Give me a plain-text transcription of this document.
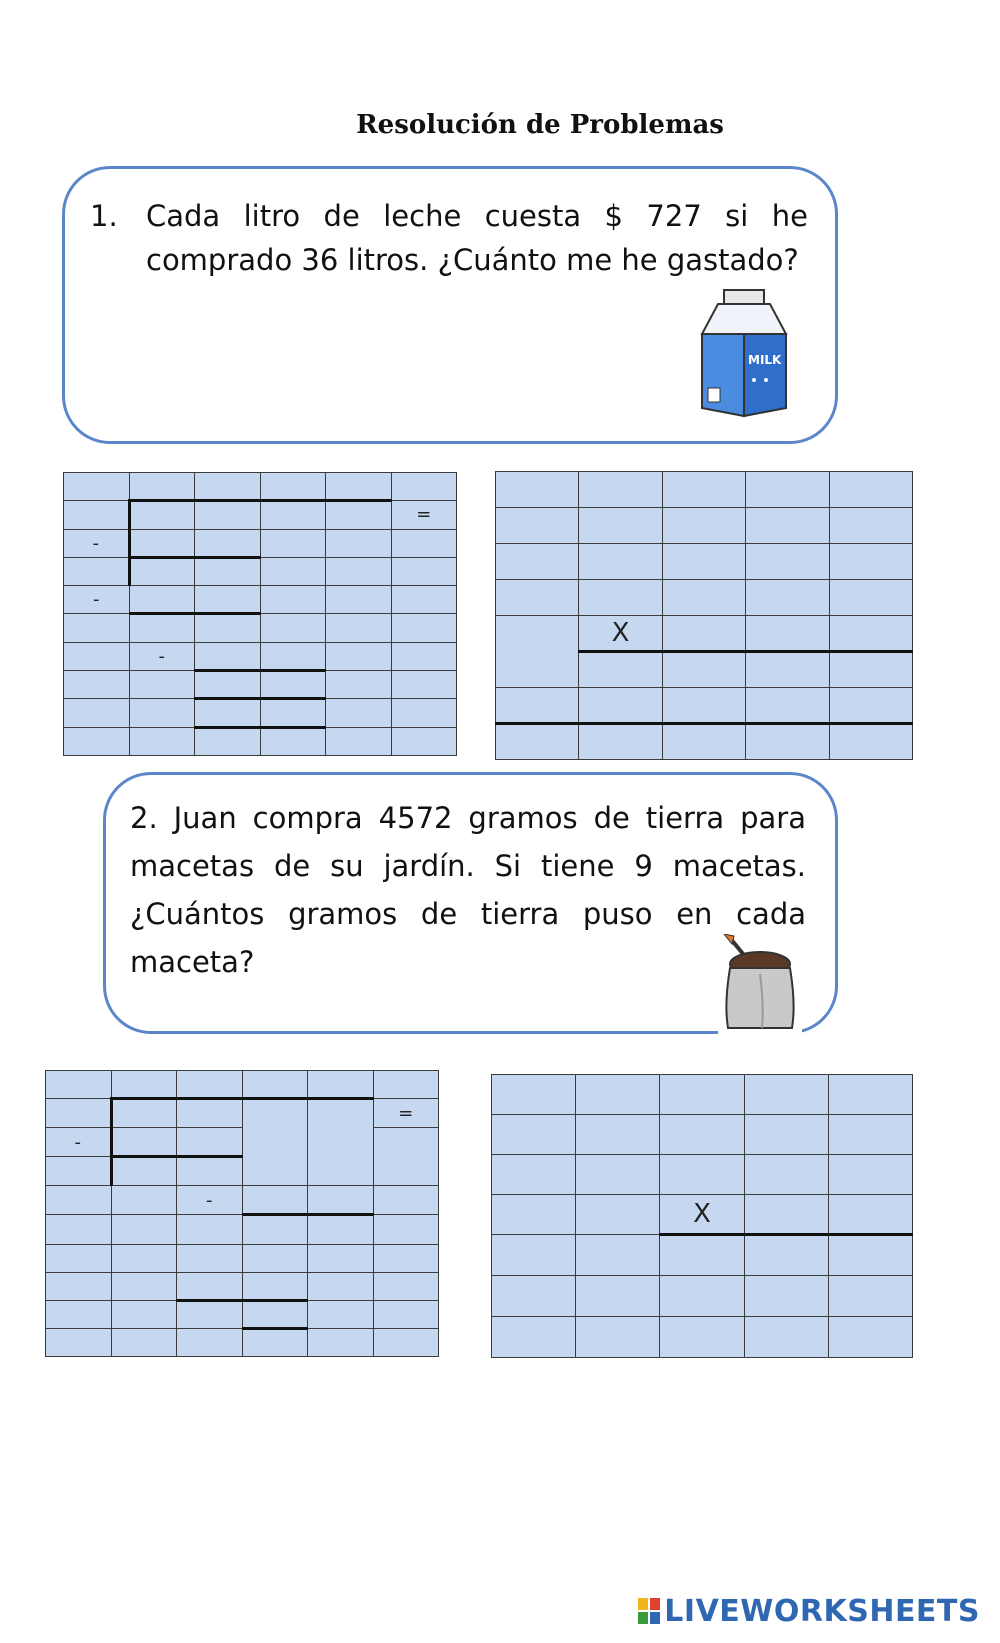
Resolución de Problemas
1. Cada litro de leche cuesta $ 727 si he
comprado 36 litros. ¿Cuánto me he gastado?
MILK

					=
-					

-					

	-				

	X			

2. Juan compra 4572 gramos de tierra para
macetas de su jardín. Si tiene 9 macetas.
¿Cuántos gramos de tierra puso en cada
maceta?

					=
-					

		-			

			X		

LIVEWORKSHEETS
